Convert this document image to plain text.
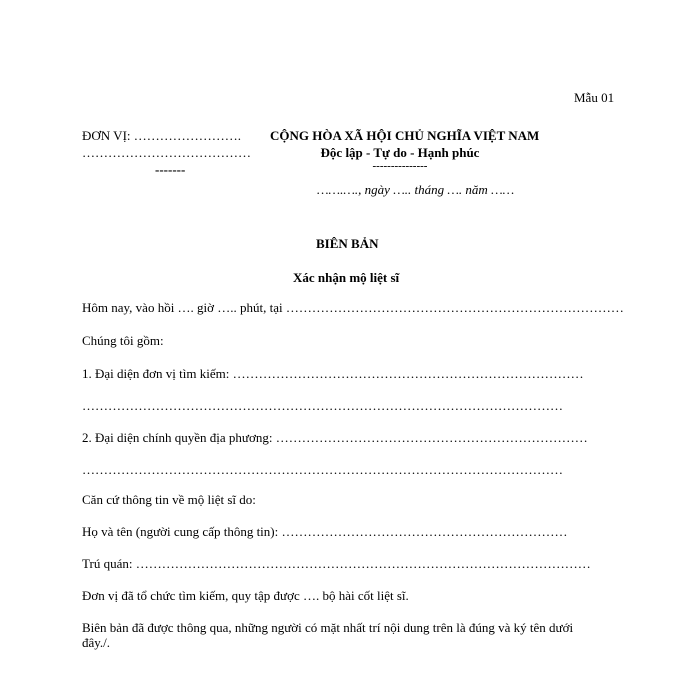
Mẫu 01
ĐƠN VỊ: …………………….
…………………………………
-------
CỘNG HÒA XÃ HỘI CHỦ NGHĨA VIỆT NAM
Độc lập - Tự do - Hạnh phúc
---------------
…….…., ngày ….. tháng …. năm ……
BIÊN BẢN
Xác nhận mộ liệt sĩ
Hôm nay, vào hồi …. giờ ….. phút, tại ……………………………………………………………………
Chúng tôi gồm:
1. Đại diện đơn vị tìm kiếm: ………………………………………………………………………
…………………………………………………………………………………………………
2. Đại diện chính quyền địa phương: ………………………………………………………………
…………………………………………………………………………………………………
Căn cứ thông tin về mộ liệt sĩ do:
Họ và tên (người cung cấp thông tin): …………………………………………………………
Trú quán: ……………………………………………………………………………………………
Đơn vị đã tổ chức tìm kiếm, quy tập được …. bộ hài cốt liệt sĩ.
Biên bản đã được thông qua, những người có mặt nhất trí nội dung trên là đúng và ký tên dưới
đây./.
